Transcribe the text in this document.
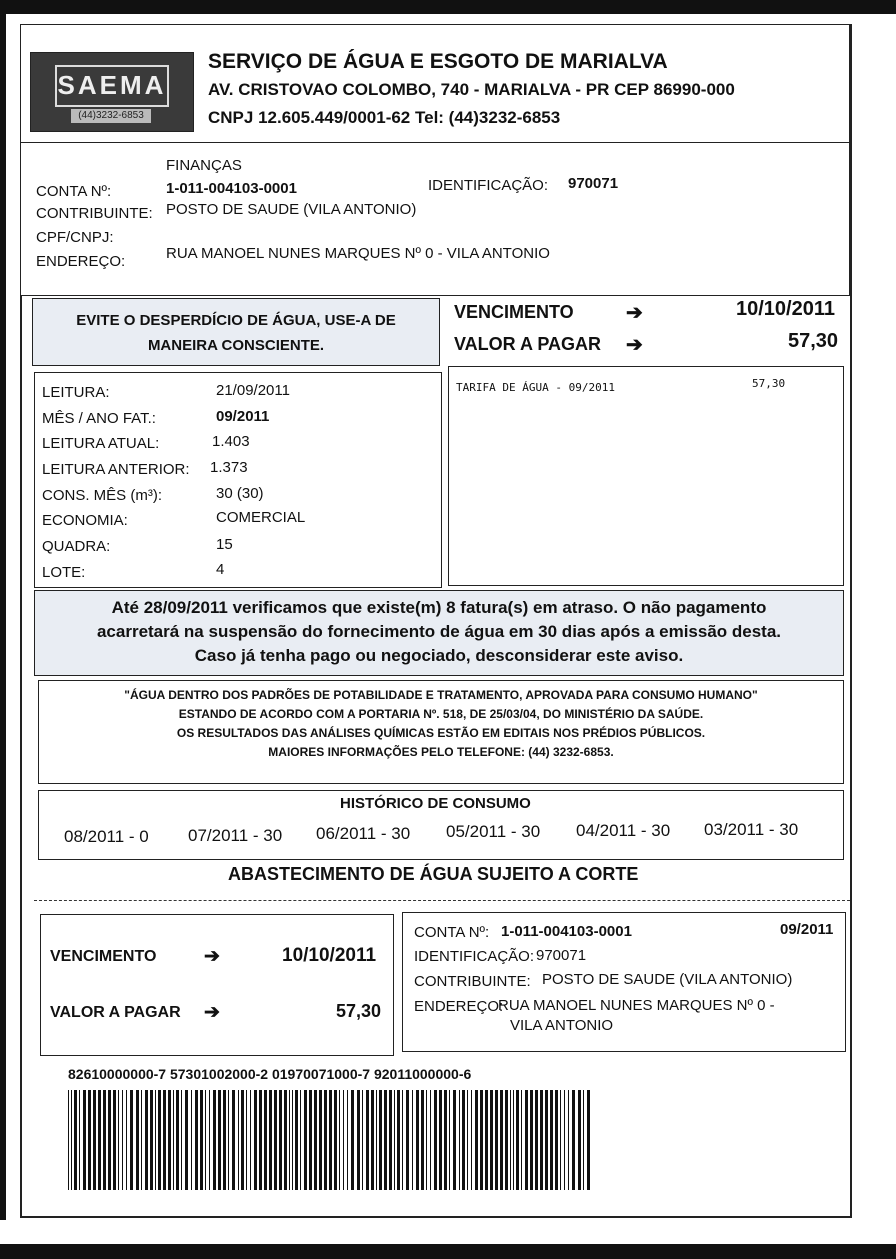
SAEMA
(44)3232-6853
SERVIÇO DE ÁGUA E ESGOTO DE MARIALVA
AV. CRISTOVAO COLOMBO, 740 - MARIALVA - PR CEP 86990-000
CNPJ 12.605.449/0001-62 Tel: (44)3232-6853
FINANÇAS
CONTA Nº:	1-011-004103-0001	IDENTIFICAÇÃO: 970071
CONTRIBUINTE: POSTO DE SAUDE (VILA ANTONIO)
CPF/CNPJ:
ENDEREÇO:	RUA MANOEL NUNES MARQUES Nº 0 - VILA ANTONIO
EVITE O DESPERDÍCIO DE ÁGUA, USE-A DE
MANEIRA CONSCIENTE.
VENCIMENTO	➔	10/10/2011
VALOR A PAGAR ➔	57,30
LEITURA:	21/09/2011
MÊS / ANO FAT.:	09/2011
LEITURA ATUAL:	1.403
LEITURA ANTERIOR: 1.373
CONS. MÊS (m³):	30 (30)
ECONOMIA:	COMERCIAL
QUADRA:	15
LOTE:	4
TARIFA DE ÁGUA - 09/2011	57,30
Até 28/09/2011 verificamos que existe(m) 8 fatura(s) em atraso. O não pagamento
acarretará na suspensão do fornecimento de água em 30 dias após a emissão desta.
Caso já tenha pago ou negociado, desconsiderar este aviso.
"ÁGUA DENTRO DOS PADRÕES DE POTABILIDADE E TRATAMENTO, APROVADA PARA CONSUMO HUMANO"
ESTANDO DE ACORDO COM A PORTARIA Nº. 518, DE 25/03/04, DO MINISTÉRIO DA SAÚDE.
OS RESULTADOS DAS ANÁLISES QUÍMICAS ESTÃO EM EDITAIS NOS PRÉDIOS PÚBLICOS.
MAIORES INFORMAÇÕES PELO TELEFONE: (44) 3232-6853.
HISTÓRICO DE CONSUMO
08/2011 - 0 07/2011 - 30 06/2011 - 30 05/2011 - 30 04/2011 - 30 03/2011 - 30
ABASTECIMENTO DE ÁGUA SUJEITO A CORTE
VENCIMENTO	➔	10/10/2011
VALOR A PAGAR ➔	57,30
CONTA Nº: 1-011-004103-0001	09/2011
IDENTIFICAÇÃO: 970071
CONTRIBUINTE: POSTO DE SAUDE (VILA ANTONIO)
ENDEREÇO:
RUA MANOEL NUNES MARQUES Nº 0 -
VILA ANTONIO
82610000000-7 57301002000-2 01970071000-7 92011000000-6
